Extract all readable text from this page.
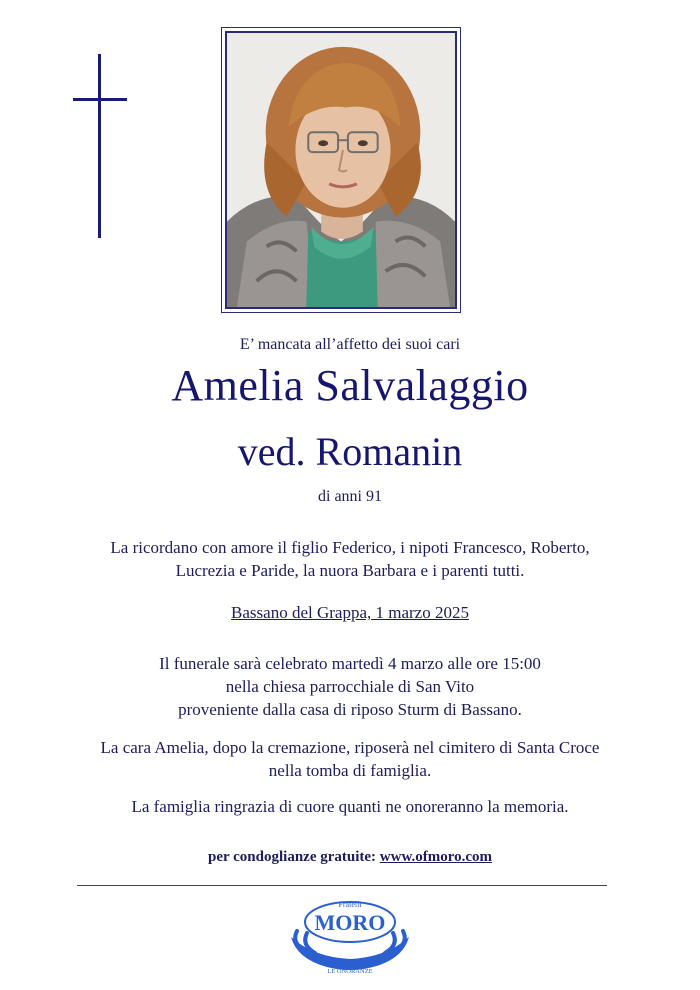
E’ mancata all’affetto dei suoi cari
Amelia Salvalaggio
ved. Romanin
di anni 91
La ricordano con amore il figlio Federico, i nipoti Francesco, Roberto,
Lucrezia e Paride, la nuora Barbara e i parenti tutti.
Bassano del Grappa, 1 marzo 2025
Il funerale sarà celebrato martedì 4 marzo alle ore 15:00
nella chiesa parrocchiale di San Vito
proveniente dalla casa di riposo Sturm di Bassano.
La cara Amelia, dopo la cremazione, riposerà nel cimitero di Santa Croce
nella tomba di famiglia.
La famiglia ringrazia di cuore quanti ne onoreranno la memoria.
per condoglianze gratuite: www.ofmoro.com
Fratelli
MORO
LE ONORANZE
